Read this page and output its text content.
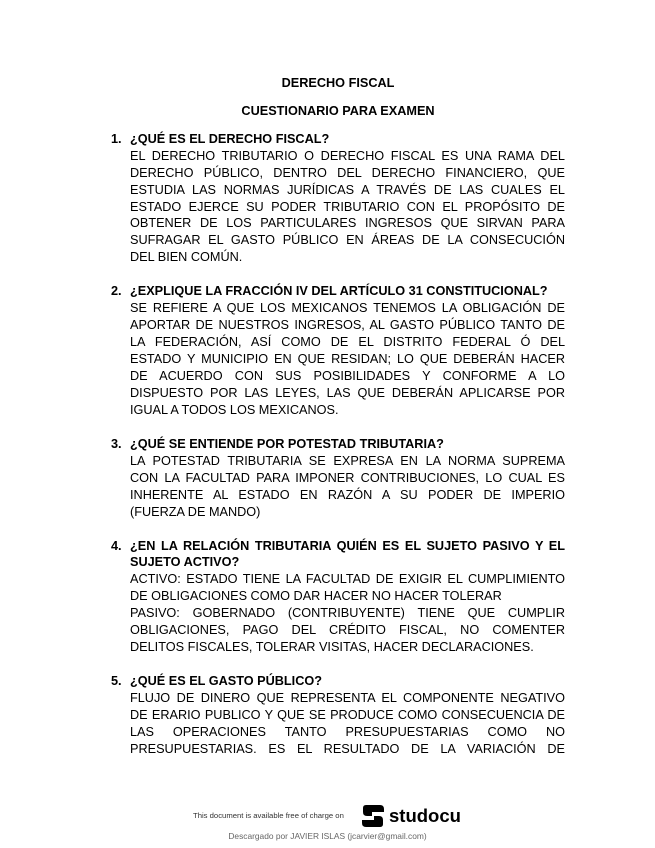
DERECHO FISCAL
CUESTIONARIO PARA EXAMEN
1. ¿QUÉ ES EL DERECHO FISCAL?
EL DERECHO TRIBUTARIO O DERECHO FISCAL ES UNA RAMA DEL
DERECHO PÚBLICO, DENTRO DEL DERECHO FINANCIERO, QUE
ESTUDIA LAS NORMAS JURÍDICAS A TRAVÉS DE LAS CUALES EL
ESTADO EJERCE SU PODER TRIBUTARIO CON EL PROPÓSITO DE
OBTENER DE LOS PARTICULARES INGRESOS QUE SIRVAN PARA
SUFRAGAR EL GASTO PÚBLICO EN ÁREAS DE LA CONSECUCIÓN
DEL BIEN COMÚN.
2. ¿EXPLIQUE LA FRACCIÓN IV DEL ARTÍCULO 31 CONSTITUCIONAL?
SE REFIERE A QUE LOS MEXICANOS TENEMOS LA OBLIGACIÓN DE
APORTAR DE NUESTROS INGRESOS, AL GASTO PÚBLICO TANTO DE
LA FEDERACIÓN, ASÍ COMO DE EL DISTRITO FEDERAL Ó DEL
ESTADO Y MUNICIPIO EN QUE RESIDAN; LO QUE DEBERÁN HACER
DE ACUERDO CON SUS POSIBILIDADES Y CONFORME A LO
DISPUESTO POR LAS LEYES, LAS QUE DEBERÁN APLICARSE POR
IGUAL A TODOS LOS MEXICANOS.
3. ¿QUÉ SE ENTIENDE POR POTESTAD TRIBUTARIA?
LA POTESTAD TRIBUTARIA SE EXPRESA EN LA NORMA SUPREMA
CON LA FACULTAD PARA IMPONER CONTRIBUCIONES, LO CUAL ES
INHERENTE AL ESTADO EN RAZÓN A SU PODER DE IMPERIO
(FUERZA DE MANDO)
4. ¿EN LA RELACIÓN TRIBUTARIA QUIÉN ES EL SUJETO PASIVO Y EL
SUJETO ACTIVO?
ACTIVO: ESTADO TIENE LA FACULTAD DE EXIGIR EL CUMPLIMIENTO
DE OBLIGACIONES COMO DAR HACER NO HACER TOLERAR
PASIVO: GOBERNADO (CONTRIBUYENTE) TIENE QUE CUMPLIR
OBLIGACIONES, PAGO DEL CRÉDITO FISCAL, NO COMENTER
DELITOS FISCALES, TOLERAR VISITAS, HACER DECLARACIONES.
5. ¿QUÉ ES EL GASTO PÚBLICO?
FLUJO DE DINERO QUE REPRESENTA EL COMPONENTE NEGATIVO
DE ERARIO PUBLICO Y QUE SE PRODUCE COMO CONSECUENCIA DE
LAS OPERACIONES TANTO PRESUPUESTARIAS COMO NO
PRESUPUESTARIAS. ES EL RESULTADO DE LA VARIACIÓN DE
This document is available free of charge on studocu
Descargado por JAVIER ISLAS (jcarvier@gmail.com)
